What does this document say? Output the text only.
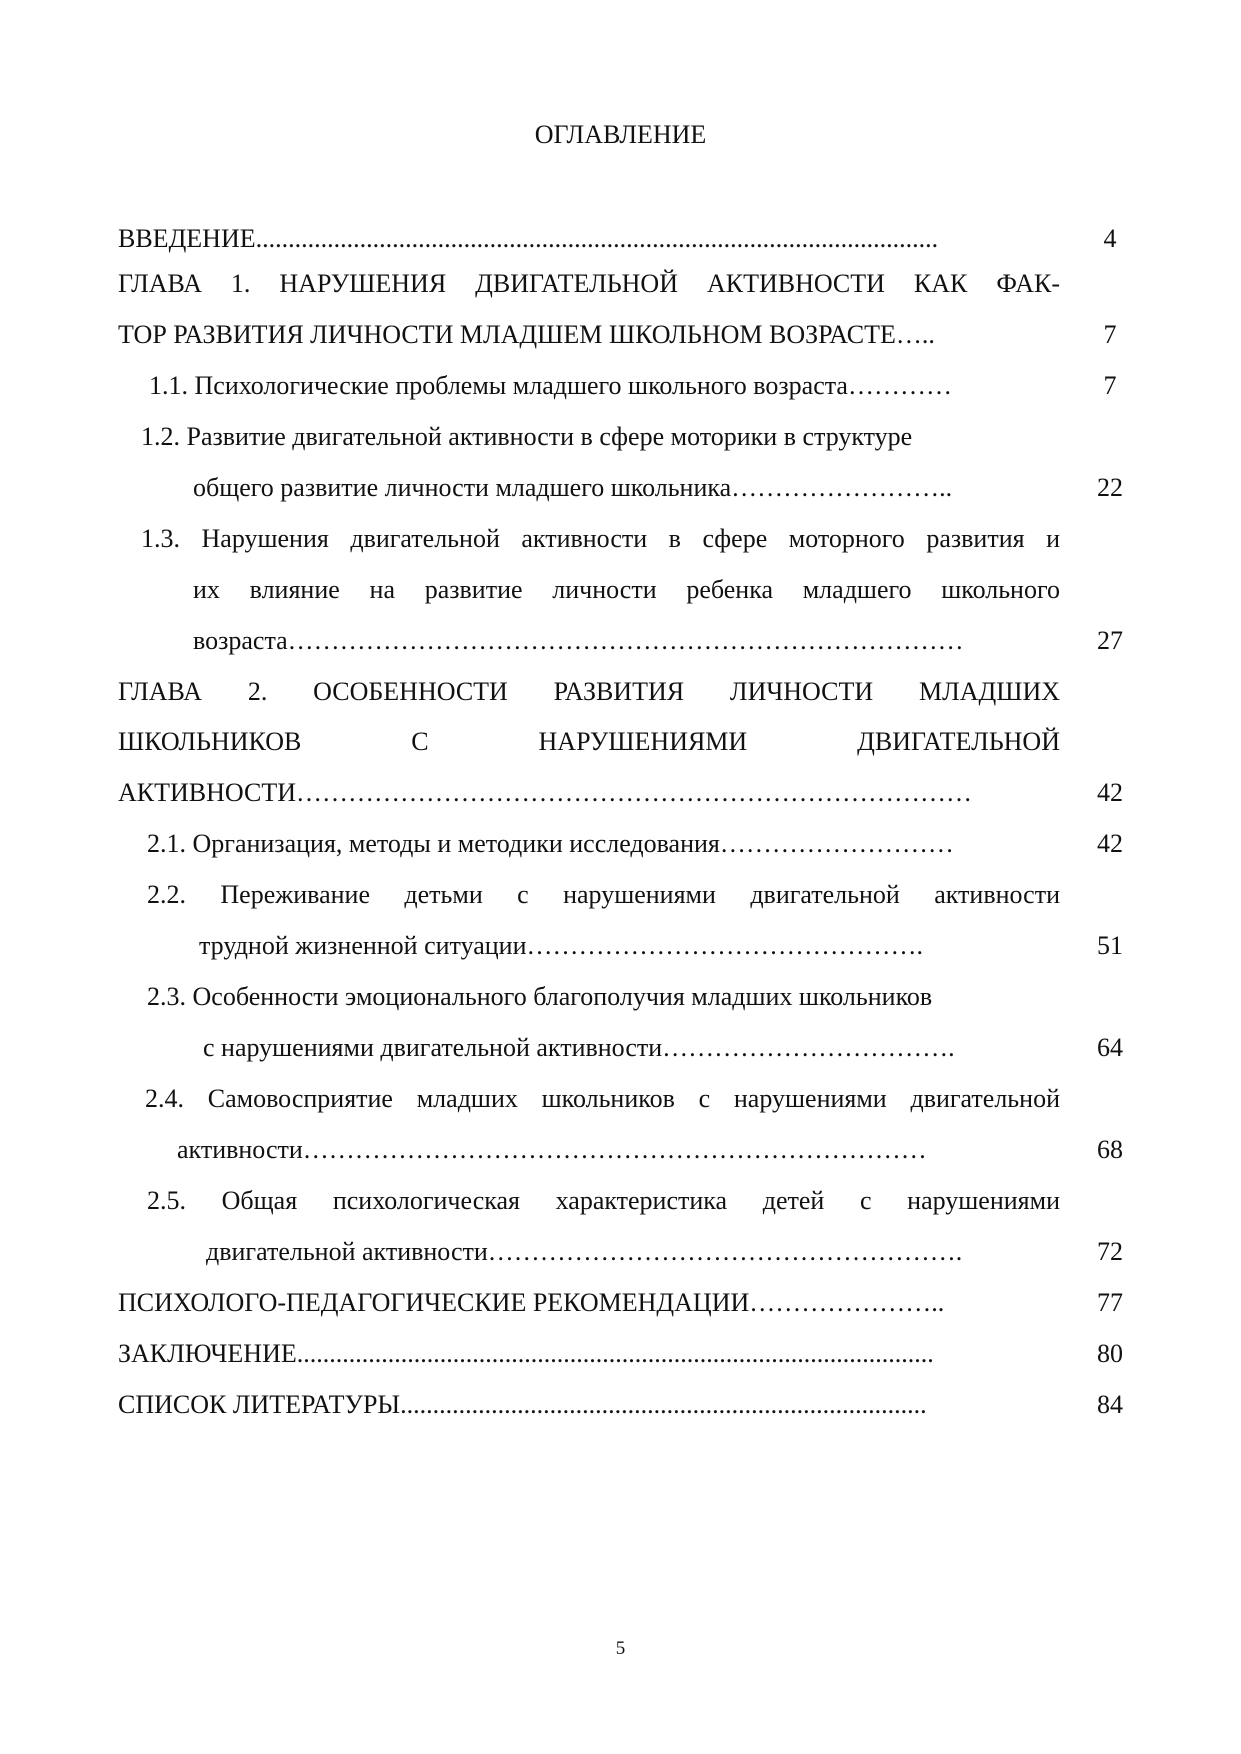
ОГЛАВЛЕНИЕ
ВВЕДЕНИЕ.........................................................................................................	4
ГЛАВА 1. НАРУШЕНИЯ ДВИГАТЕЛЬНОЙ АКТИВНОСТИ КАК ФАК-
ТОР РАЗВИТИЯ ЛИЧНОСТИ МЛАДШЕМ ШКОЛЬНОМ ВОЗРАСТЕ…..	7
1.1. Психологические проблемы младшего школьного возраста…………	7
1.2. Развитие двигательной активности в сфере моторики в структуре
общего развитие личности младшего школьника……………………..	22
1.3. Нарушения двигательной активности в сфере моторного развития и
их влияние на развитие личности ребенка младшего школьного
возраста……………………………………………………………………	27
ГЛАВА 2. ОСОБЕННОСТИ РАЗВИТИЯ ЛИЧНОСТИ МЛАДШИХ
ШКОЛЬНИКОВ С НАРУШЕНИЯМИ ДВИГАТЕЛЬНОЙ
АКТИВНОСТИ……………………………………………………………………	42
2.1. Организация, методы и методики исследования………………………	42
2.2. Переживание детьми с нарушениями двигательной активности
трудной жизненной ситуации……………………………………….	51
2.3. Особенности эмоционального благополучия младших школьников
с нарушениями двигательной активности…………………………….	64
2.4. Самовосприятие младших школьников с нарушениями двигательной
активности………………………………………………………………	68
2.5. Общая психологическая характеристика детей с нарушениями
двигательной активности……………………………………………….	72
ПСИХОЛОГО-ПЕДАГОГИЧЕСКИЕ РЕКОМЕНДАЦИИ…………………..	77
ЗАКЛЮЧЕНИЕ..................................................................................................	80
СПИСОК ЛИТЕРАТУРЫ.................................................................................	84
5
